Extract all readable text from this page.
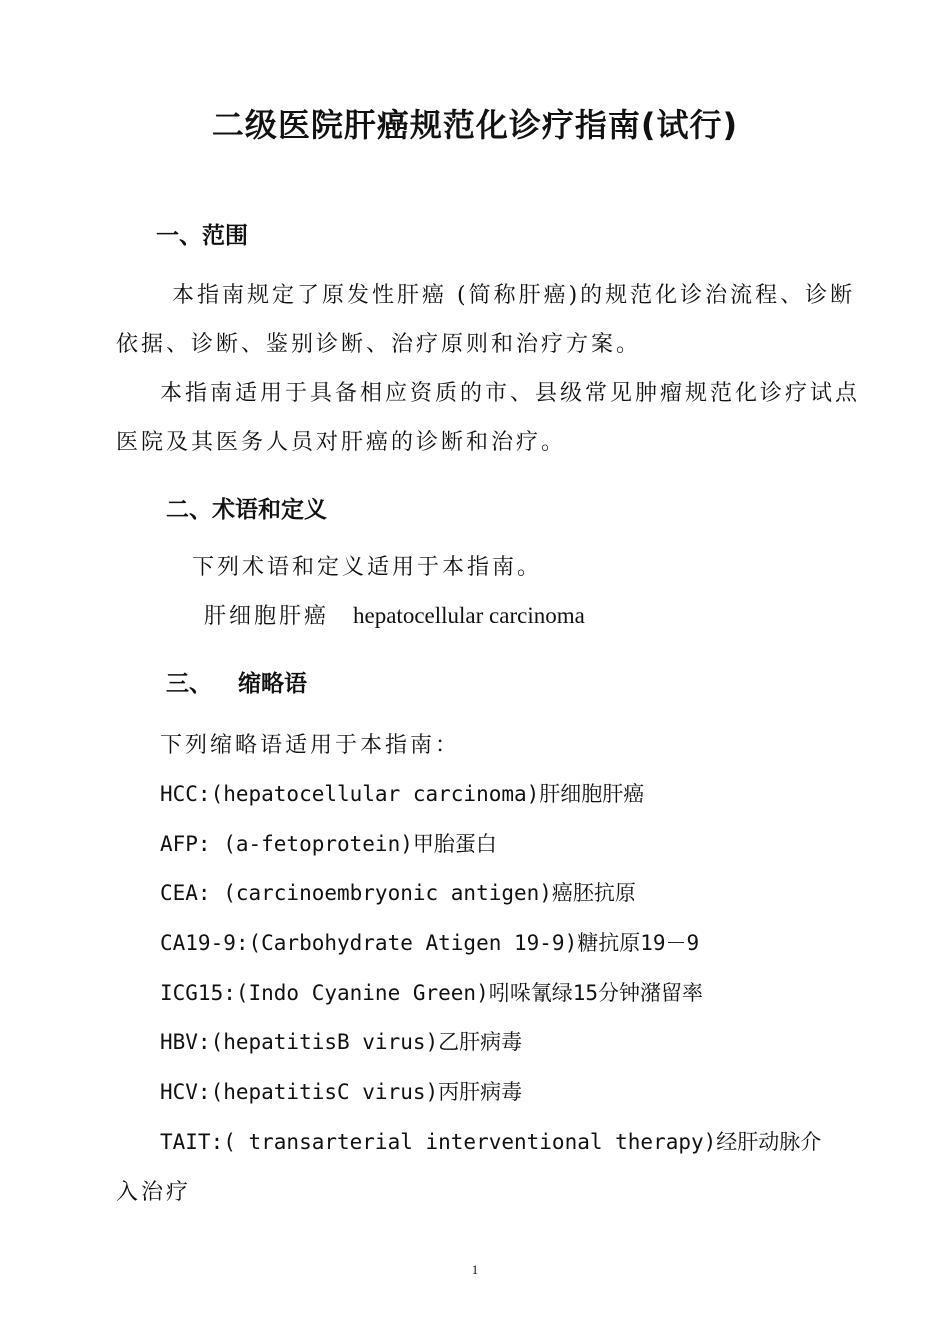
二级医院肝癌规范化诊疗指南(试行)
一、范围
本指南规定了原发性肝癌 (简称肝癌)的规范化诊治流程、诊断
依据、诊断、鉴别诊断、治疗原则和治疗方案。
本指南适用于具备相应资质的市、县级常见肿瘤规范化诊疗试点
医院及其医务人员对肝癌的诊断和治疗。
二、术语和定义
下列术语和定义适用于本指南。
肝细胞肝癌 hepatocellular carcinoma
三、 缩略语
下列缩略语适用于本指南：
HCC:(hepatocellular carcinoma)肝细胞肝癌
AFP: (a-fetoprotein)甲胎蛋白
CEA: (carcinoembryonic antigen)癌胚抗原
CA19-9:(Carbohydrate Atigen 19-9)糖抗原19－9
ICG15:(Indo Cyanine Green)吲哚氰绿15分钟潴留率
HBV:(hepatitisB virus)乙肝病毒
HCV:(hepatitisC virus)丙肝病毒
TAIT:( transarterial interventional therapy)经肝动脉介
入治疗
1
